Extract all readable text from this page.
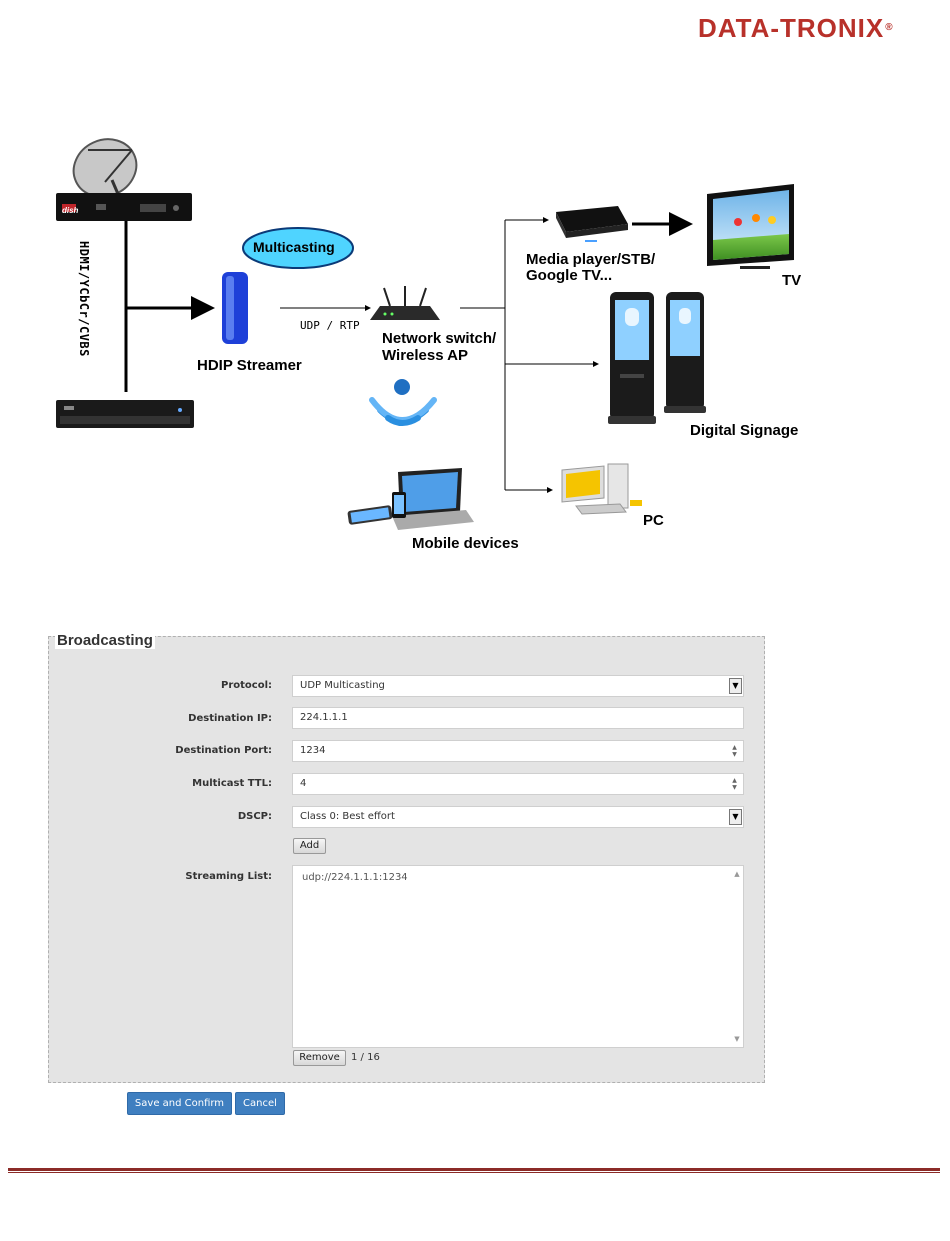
DATA-TRONIX®
HDMI/YCbCr/CVBS	Multicasting
HDIP Streamer
UDP / RTP
Network switch/
Wireless AP
Media player/STB/
Google TV...	TV
Digital Signage
PC
Mobile devices
dish
Broadcasting
Protocol:	UDP Multicasting	▼
Destination IP:	224.1.1.1
Destination Port:	1234	▲
▼
Multicast TTL:	4	▲
▼
DSCP:	Class 0: Best effort	▼
Add
Streaming List:	udp://224.1.1.1:1234	▲
▼
Remove	1 / 16
Save and Confirm	Cancel
